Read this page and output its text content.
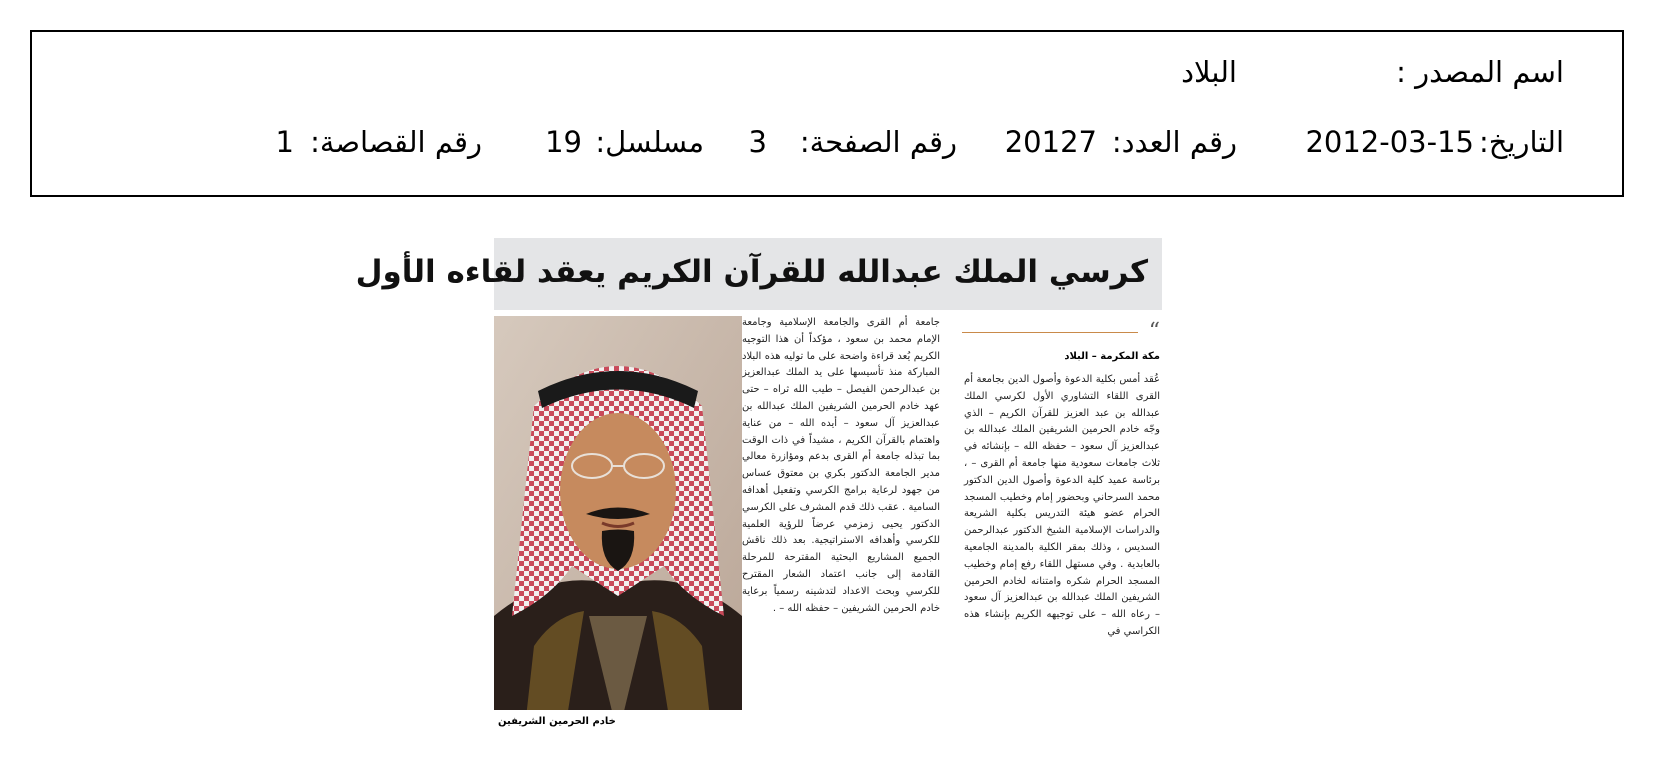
اسم المصدر :
البلاد
التاريخ:
2012-03-15
رقم العدد:
20127
رقم الصفحة:
3
مسلسل:
19
رقم القصاصة:
1
كرسي الملك عبدالله للقرآن الكريم يعقد لقاءه الأول
“
مكة المكرمة – البلاد
عُقد أمس بكلية الدعوة وأصول الدين بجامعة أم القرى اللقاء التشاوري الأول لكرسي الملك عبدالله بن عبد العزيز للقرآن الكريم – الذي وجّه خادم الحرمين الشريفين الملك عبدالله بن عبدالعزيز آل سعود – حفظه الله – بإنشائه في ثلاث جامعات سعودية منها جامعة أم القرى – ، برئاسة عميد كلية الدعوة وأصول الدين الدكتور محمد السرحاني وبحضور إمام وخطيب المسجد الحرام عضو هيئة التدريس بكلية الشريعة والدراسات الإسلامية الشيخ الدكتور عبدالرحمن السديس ، وذلك بمقر الكلية بالمدينة الجامعية بالعابدية . وفي مستهل اللقاء رفع إمام وخطيب المسجد الحرام شكره وامتنانه لخادم الحرمين الشريفين الملك عبدالله بن عبدالعزيز آل سعود – رعاه الله – على توجيهه الكريم بإنشاء هذه الكراسي في
جامعة أم القرى والجامعة الإسلامية وجامعة الإمام محمد بن سعود ، مؤكداً أن هذا التوجيه الكريم يُعد قراءة واضحة على ما توليه هذه البلاد المباركة منذ تأسيسها على يد الملك عبدالعزيز بن عبدالرحمن الفيصل – طيب الله ثراه – حتى عهد خادم الحرمين الشريفين الملك عبدالله بن عبدالعزيز آل سعود – أيده الله – من عناية واهتمام بالقرآن الكريم ، مشيداً في ذات الوقت بما تبذله جامعة أم القرى بدعم ومؤازرة معالي مدير الجامعة الدكتور بكري بن معتوق عساس من جهود لرعاية برامج الكرسي وتفعيل أهدافه السامية . عقب ذلك قدم المشرف على الكرسي الدكتور يحيى زمزمي عرضاً للرؤية العلمية للكرسي وأهدافه الاستراتيجية. بعد ذلك ناقش الجميع المشاريع البحثية المقترحة للمرحلة القادمة إلى جانب اعتماد الشعار المقترح للكرسي وبحث الاعداد لتدشينه رسمياً برعاية خادم الحرمين الشريفين – حفظه الله – .
خادم الحرمين الشريفين
